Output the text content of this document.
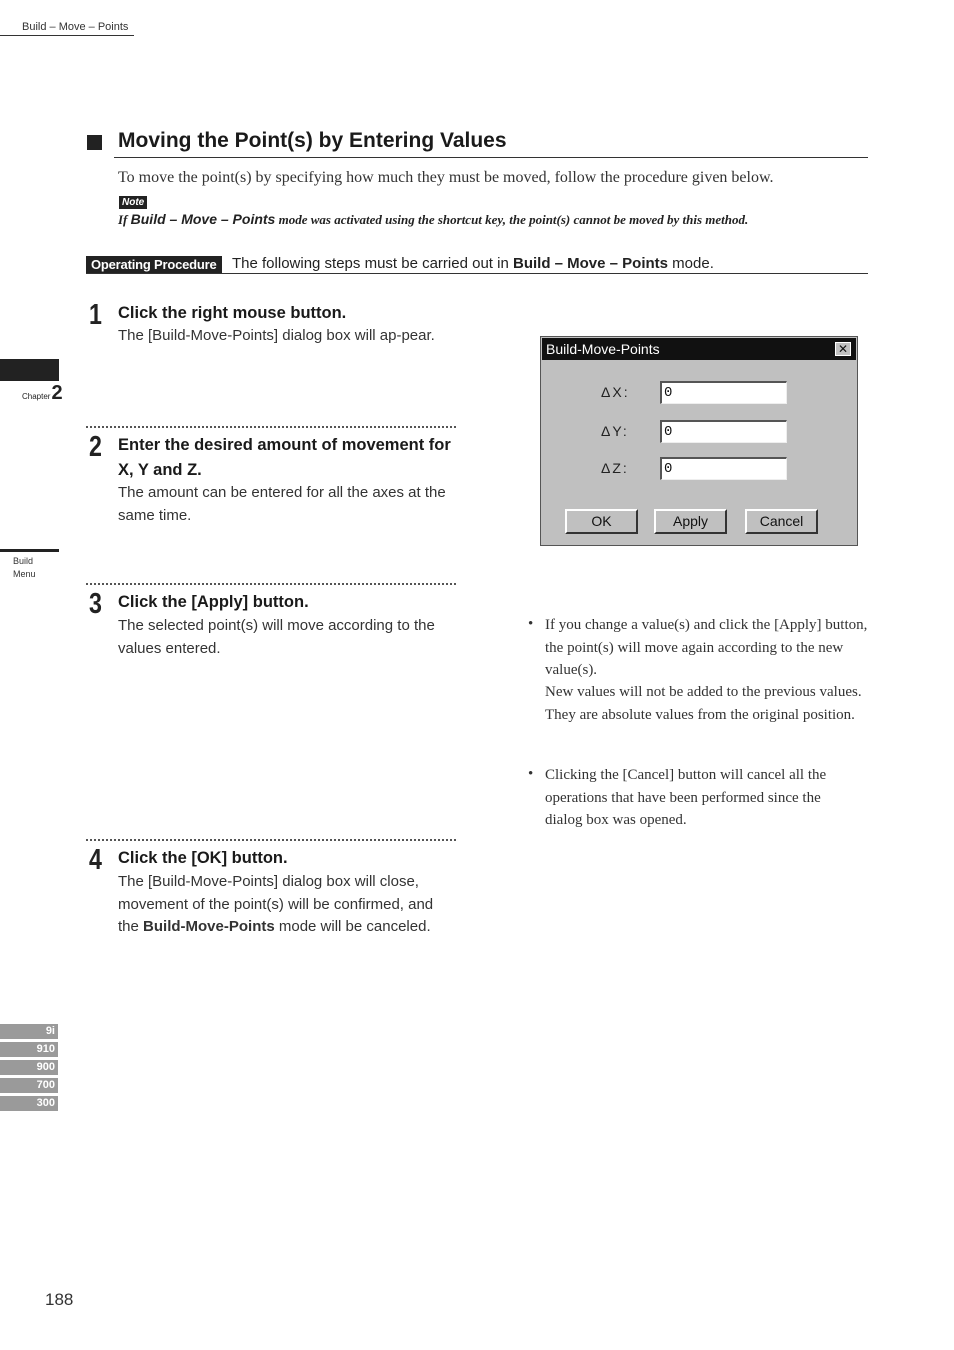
Build – Move – Points
Moving the Point(s) by Entering Values
To move the point(s) by specifying how much they must be moved, follow the procedure given below.
Note
If Build – Move – Points mode was activated using the shortcut key, the point(s) cannot be moved by this method.
Operating Procedure	The following steps must be carried out in Build – Move – Points mode.
Chapter2
Build
Menu
9i
910
900
700
300
1 Click the right mouse button.
The [Build-Move-Points] dialog box will ap-pear.
2 Enter the desired amount of movement for X, Y and Z.
The amount can be entered for all the axes at the same time.
3 Click the [Apply] button.
The selected point(s) will move according to the values entered.
4 Click the [OK] button.
The [Build-Move-Points] dialog box will close, movement of the point(s) will be confirmed, and the Build-Move-Points mode will be canceled.
Build-Move-Points	✕
ΔX: 0
ΔY:	0
ΔZ:	0
OK	Apply	Cancel
• If you change a value(s) and click the [Apply] button, the point(s) will move again according to the new value(s).
New values will not be added to the previous values. They are absolute values from the original position.
• Clicking the [Cancel] button will cancel all the operations that have been performed since the dialog box was opened.
188
